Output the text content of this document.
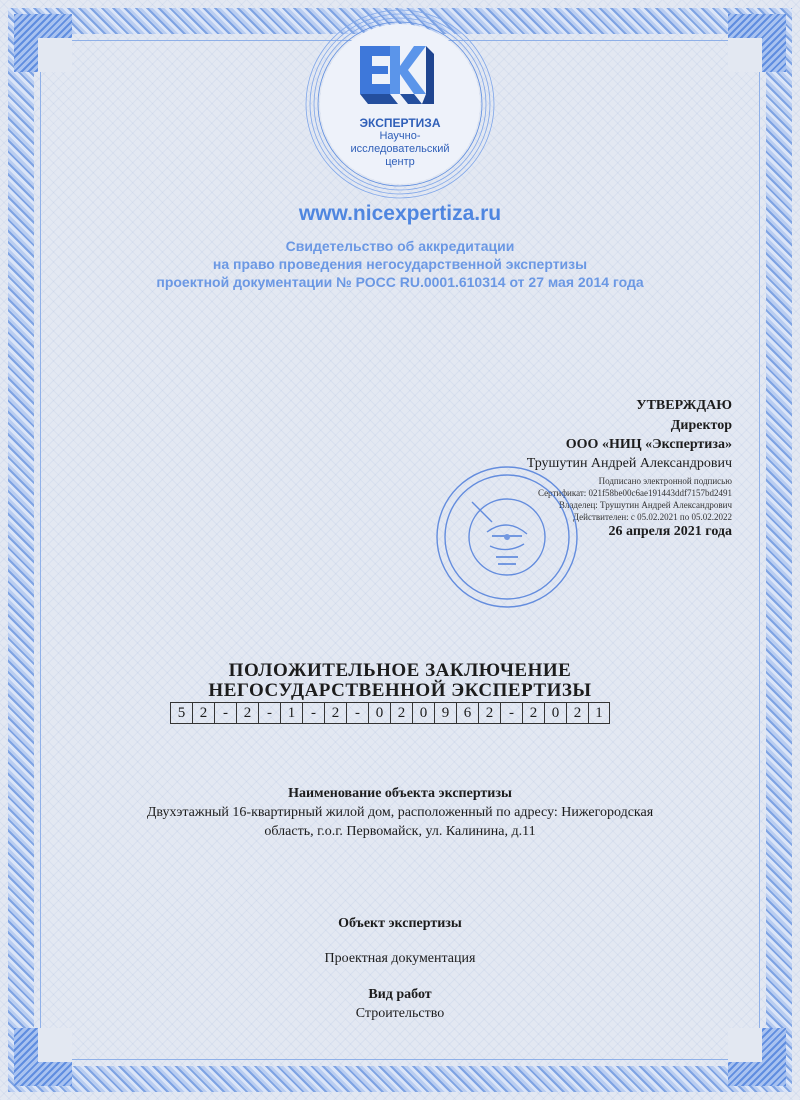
ЭКСПЕРТИЗА
Научно-
исследовательский
центр
www.nicexpertiza.ru
Свидетельство об аккредитации
на право проведения негосударственной экспертизы
проектной документации № РОСС RU.0001.610314 от 27 мая 2014 года
УТВЕРЖДАЮ
Директор
ООО «НИЦ «Экспертиза»
Трушутин Андрей Александрович
Подписано электронной подписью
Сертификат: 021f58be00c6ae191443ddf7157bd2491
Владелец: Трушутин Андрей Александрович
Действителен: с 05.02.2021 по 05.02.2022
26 апреля 2021 года
ПОЛОЖИТЕЛЬНОЕ ЗАКЛЮЧЕНИЕ
НЕГОСУДАРСТВЕННОЙ ЭКСПЕРТИЗЫ
5 2	-	2	-	1	-	2	-	0 2 0 9 6 2	-	2 0 2 1
Наименование объекта экспертизы
Двухэтажный 16-квартирный жилой дом, расположенный по адресу: Нижегородская
область, г.о.г. Первомайск, ул. Калинина, д.11
Объект экспертизы
Проектная документация
Вид работ
Строительство
